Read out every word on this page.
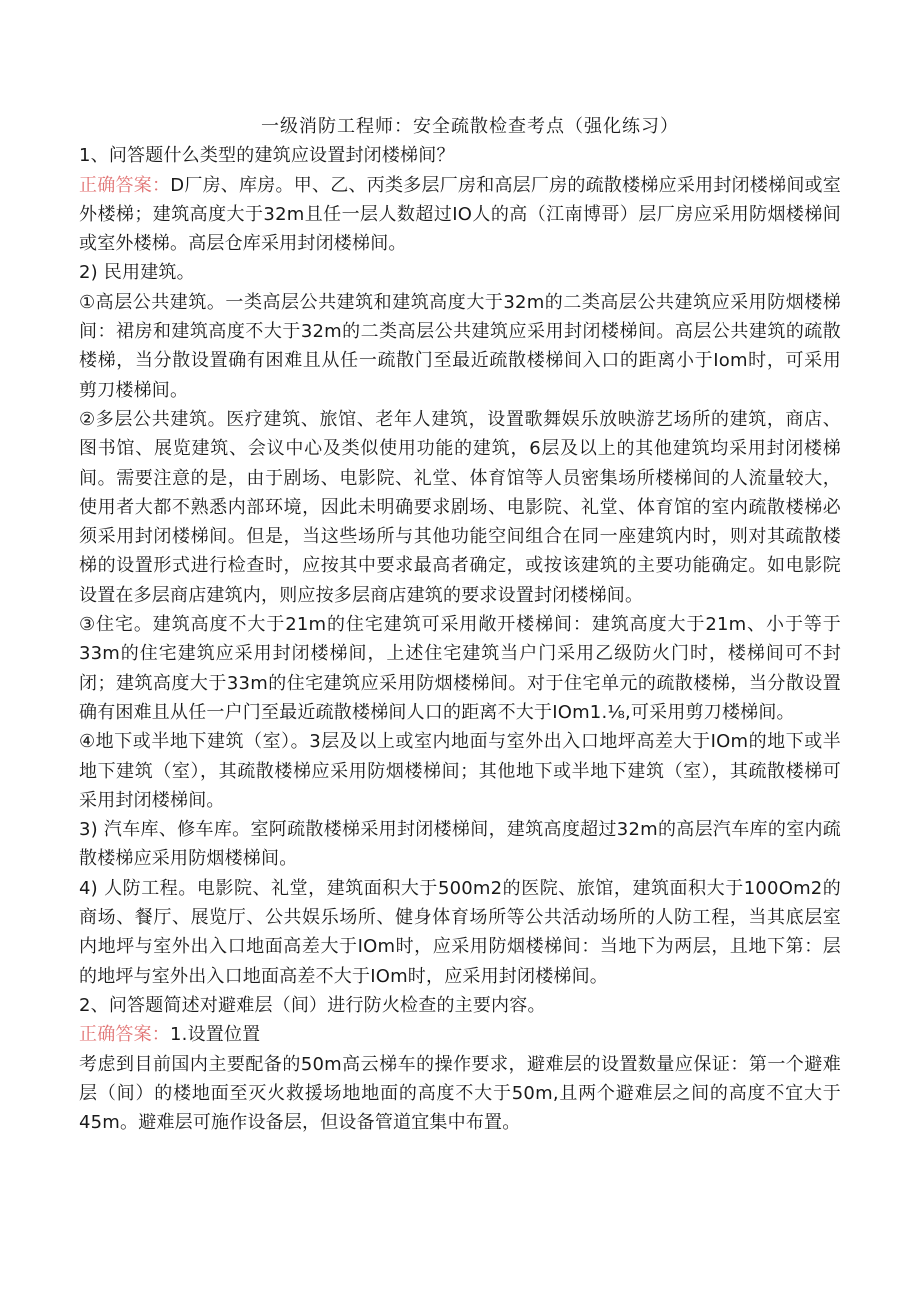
一级消防工程师：安全疏散检查考点（强化练习）

1、问答题什么类型的建筑应设置封闭楼梯间？

正确答案：D厂房、库房。甲、乙、丙类多层厂房和高层厂房的疏散楼梯应采用封闭楼梯间或室外楼梯；建筑高度大于32m且任一层人数超过IO人的高（江南博哥）层厂房应采用防烟楼梯间或室外楼梯。高层仓库采用封闭楼梯间。

2) 民用建筑。

①高层公共建筑。一类高层公共建筑和建筑高度大于32m的二类高层公共建筑应采用防烟楼梯间：裙房和建筑高度不大于32m的二类高层公共建筑应采用封闭楼梯间。高层公共建筑的疏散楼梯，当分散设置确有困难且从任一疏散门至最近疏散楼梯间入口的距离小于Iom时，可采用剪刀楼梯间。

②多层公共建筑。医疗建筑、旅馆、老年人建筑，设置歌舞娱乐放映游艺场所的建筑，商店、图书馆、展览建筑、会议中心及类似使用功能的建筑，6层及以上的其他建筑均采用封闭楼梯间。需要注意的是，由于剧场、电影院、礼堂、体育馆等人员密集场所楼梯间的人流量较大，使用者大都不熟悉内部环境，因此未明确要求剧场、电影院、礼堂、体育馆的室内疏散楼梯必须采用封闭楼梯间。但是，当这些场所与其他功能空间组合在同一座建筑内时，则对其疏散楼梯的设置形式进行检查时，应按其中要求最高者确定，或按该建筑的主要功能确定。如电影院设置在多层商店建筑内，则应按多层商店建筑的要求设置封闭楼梯间。

③住宅。建筑高度不大于21m的住宅建筑可采用敞开楼梯间：建筑高度大于21m、小于等于33m的住宅建筑应采用封闭楼梯间，上述住宅建筑当户门采用乙级防火门时，楼梯间可不封闭；建筑高度大于33m的住宅建筑应采用防烟楼梯间。对于住宅单元的疏散楼梯，当分散设置确有困难且从任一户门至最近疏散楼梯间人口的距离不大于IOm1.⅛,可采用剪刀楼梯间。

④地下或半地下建筑（室）。3层及以上或室内地面与室外出入口地坪高差大于IOm的地下或半地下建筑（室），其疏散楼梯应采用防烟楼梯间；其他地下或半地下建筑（室），其疏散楼梯可采用封闭楼梯间。

3) 汽车库、修车库。室阿疏散楼梯采用封闭楼梯间，建筑高度超过32m的高层汽车库的室内疏散楼梯应采用防烟楼梯间。

4) 人防工程。电影院、礼堂，建筑面积大于500m2的医院、旅馆，建筑面积大于100Om2的商场、餐厅、展览厅、公共娱乐场所、健身体育场所等公共活动场所的人防工程，当其底层室内地坪与室外出入口地面高差大于IOm时，应采用防烟楼梯间：当地下为两层，且地下第：层的地坪与室外出入口地面高差不大于IOm时，应采用封闭楼梯间。

2、问答题简述对避难层（间）进行防火检查的主要内容。

正确答案：1.设置位置

考虑到目前国内主要配备的50m高云梯车的操作要求，避难层的设置数量应保证：第一个避难层（间）的楼地面至灭火救援场地地面的高度不大于50m,且两个避难层之间的高度不宜大于45m。避难层可施作设备层，但设备管道宜集中布置。
